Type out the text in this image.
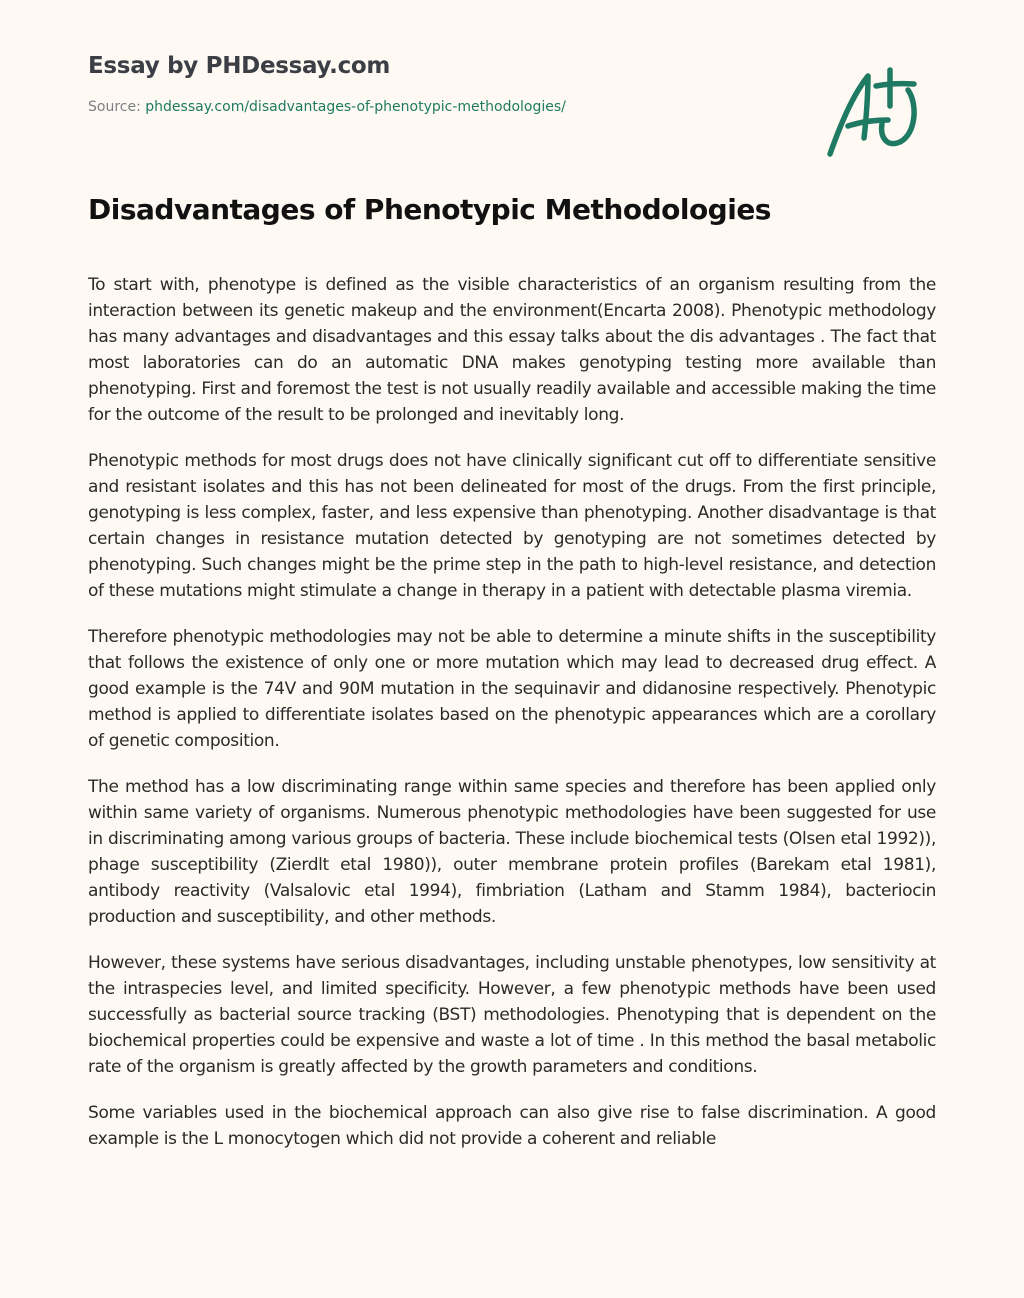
Essay by PHDessay.com
Source: phdessay.com/disadvantages-of-phenotypic-methodologies/
Disadvantages of Phenotypic Methodologies

To start with, phenotype is defined as the visible characteristics of an organism resulting from the interaction between its genetic makeup and the environment(Encarta 2008). Phenotypic methodology has many advantages and disadvantages and this essay talks about the dis advantages . The fact that most laboratories can do an automatic DNA makes genotyping testing more available than phenotyping. First and foremost the test is not usually readily available and accessible making the time for the outcome of the result to be prolonged and inevitably long.

Phenotypic methods for most drugs does not have clinically significant cut off to differentiate sensitive and resistant isolates and this has not been delineated for most of the drugs. From the first principle, genotyping is less complex, faster, and less expensive than phenotyping. Another disadvantage is that certain changes in resistance mutation detected by genotyping are not sometimes detected by phenotyping. Such changes might be the prime step in the path to high-level resistance, and detection of these mutations might stimulate a change in therapy in a patient with detectable plasma viremia.

Therefore phenotypic methodologies may not be able to determine a minute shifts in the susceptibility that follows the existence of only one or more mutation which may lead to decreased drug effect. A good example is the 74V and 90M mutation in the sequinavir and didanosine respectively. Phenotypic method is applied to differentiate isolates based on the phenotypic appearances which are a corollary of genetic composition.

The method has a low discriminating range within same species and therefore has been applied only within same variety of organisms. Numerous phenotypic methodologies have been suggested for use in discriminating among various groups of bacteria. These include biochemical tests (Olsen etal 1992)), phage susceptibility (Zierdlt etal 1980)), outer membrane protein profiles (Barekam etal 1981), antibody reactivity (Valsalovic etal 1994), fimbriation (Latham and Stamm 1984), bacteriocin production and susceptibility, and other methods.

However, these systems have serious disadvantages, including unstable phenotypes, low sensitivity at the intraspecies level, and limited specificity. However, a few phenotypic methods have been used successfully as bacterial source tracking (BST) methodologies. Phenotyping that is dependent on the biochemical properties could be expensive and waste a lot of time . In this method the basal metabolic rate of the organism is greatly affected by the growth parameters and conditions.

Some variables used in the biochemical approach can also give rise to false discrimination. A good example is the L monocytogen which did not provide a coherent and reliable
